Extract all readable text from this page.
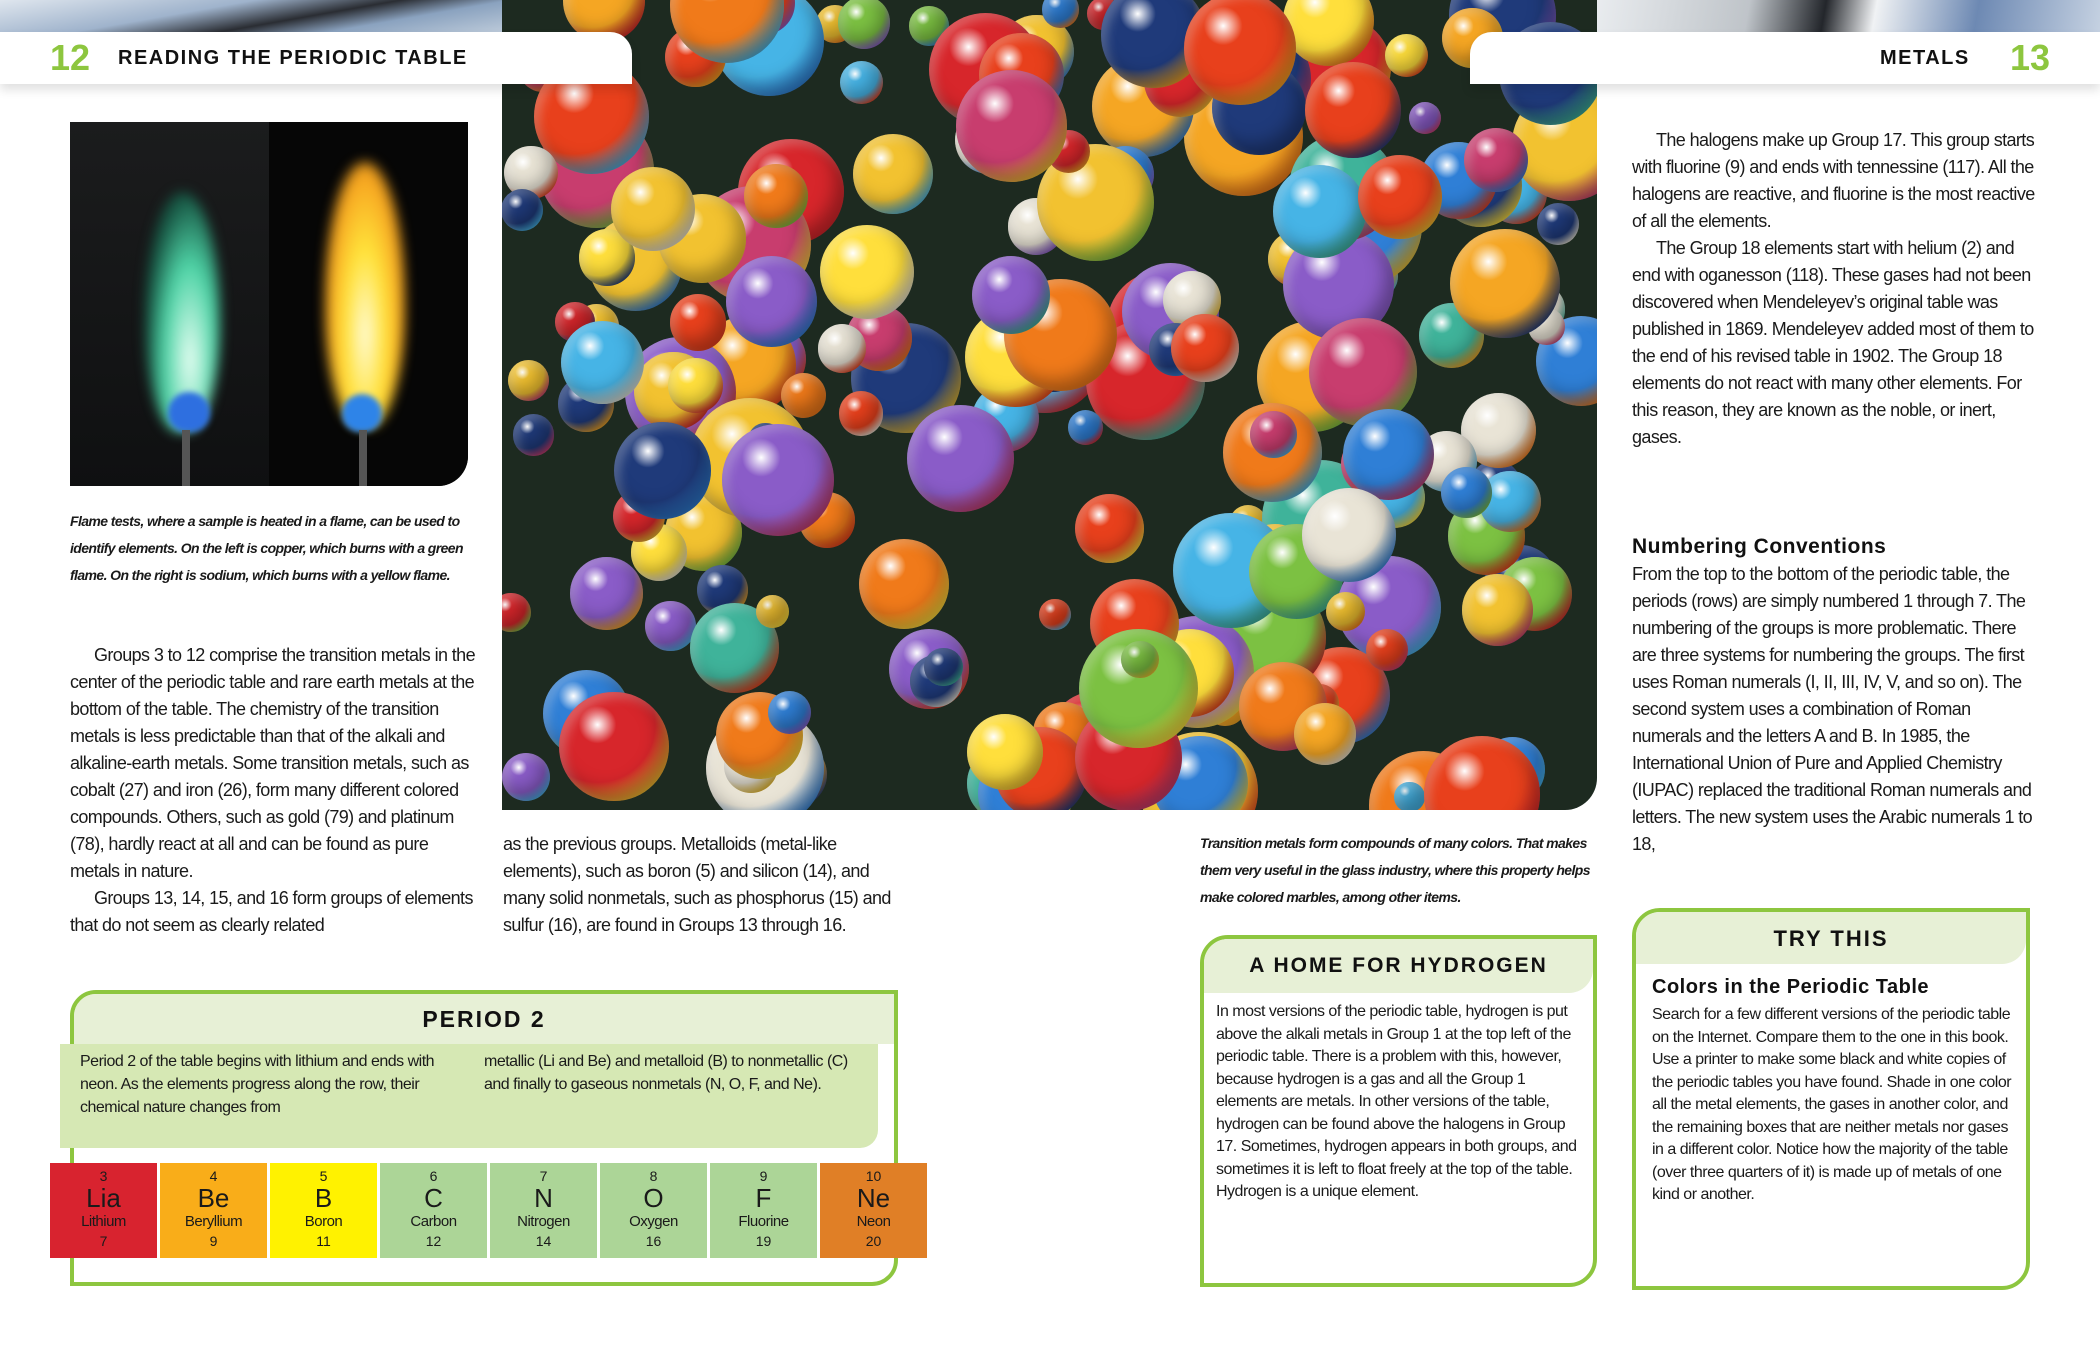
12 READING THE PERIODIC TABLE	METALS 13
Flame tests, where a sample is heated in a flame, can be used to identify elements. On the left is copper, which burns with a green flame. On the right is sodium, which burns with a yellow flame.

Groups 3 to 12 comprise the transition metals in the center of the periodic table and rare earth metals at the bottom of the table. The chemistry of the transition metals is less predictable than that of the alkali and alkaline-earth metals. Some transition metals, such as cobalt (27) and iron (26), form many different colored compounds. Others, such as gold (79) and platinum (78), hardly react at all and can be found as pure metals in nature.

Groups 13, 14, 15, and 16 form groups of elements that do not seem as clearly related

as the previous groups. Metalloids (metal-like elements), such as boron (5) and silicon (14), and many solid nonmetals, such as phosphorus (15) and sulfur (16), are found in Groups 13 through 16.

Transition metals form compounds of many colors. That makes them very useful in the glass industry, where this property helps make colored marbles, among other items.

The halogens make up Group 17. This group starts with fluorine (9) and ends with tennessine (117). All the halogens are reactive, and fluorine is the most reactive of all the elements.

The Group 18 elements start with helium (2) and end with oganesson (118). These gases had not been discovered when Mendeleyev’s original table was published in 1869. Mendeleyev added most of them to the end of his revised table in 1902. The Group 18 elements do not react with many other elements. For this reason, they are known as the noble, or inert, gases.

Numbering Conventions

From the top to the bottom of the periodic table, the periods (rows) are simply numbered 1 through 7. The numbering of the groups is more problematic. There are three systems for numbering the groups. The first uses Roman numerals (I, II, III, IV, V, and so on). The second system uses a combination of Roman numerals and the letters A and B. In 1985, the International Union of Pure and Applied Chemistry (IUPAC) replaced the traditional Roman numerals and letters. The new system uses the Arabic numerals 1 to 18,

PERIOD 2
Period 2 of the table begins with lithium and ends with neon. As the elements progress along the row, their chemical nature changes from
metallic (Li and Be) and metalloid (B) to nonmetallic (C) and finally to gaseous nonmetals (N, O, F, and Ne).
3
Lia
Lithium
7
4
Be
Beryllium
9
5
B
Boron
11
6
C
Carbon
12
7
N
Nitrogen
14
8
O
Oxygen
16
9
F
Fluorine
19
10
Ne
Neon
20
A HOME FOR HYDROGEN
In most versions of the periodic table, hydrogen is put above the alkali metals in Group 1 at the top left of the periodic table. There is a problem with this, however, because hydrogen is a gas and all the Group 1 elements are metals. In other versions of the table, hydrogen can be found above the halogens in Group 17. Sometimes, hydrogen appears in both groups, and sometimes it is left to float freely at the top of the table. Hydrogen is a unique element.
TRY THIS
Colors in the Periodic Table
Search for a few different versions of the periodic table on the Internet. Compare them to the one in this book. Use a printer to make some black and white copies of the periodic tables you have found. Shade in one color all the metal elements, the gases in another color, and the remaining boxes that are neither metals nor gases in a different color. Notice how the majority of the table (over three quarters of it) is made up of metals of one kind or another.
